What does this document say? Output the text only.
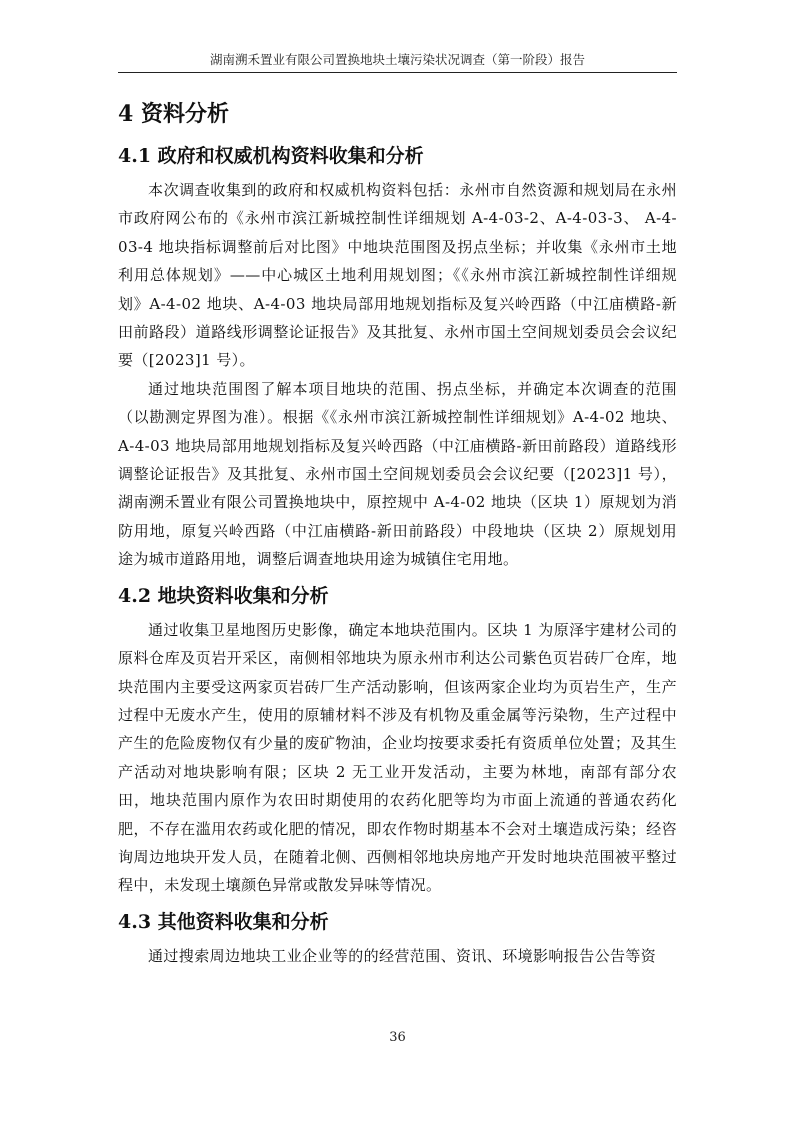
湖南溯禾置业有限公司置换地块土壤污染状况调查（第一阶段）报告
4 资料分析
4.1 政府和权威机构资料收集和分析

本次调查收集到的政府和权威机构资料包括：永州市自然资源和规划局在永州市政府网公布的《永州市滨江新城控制性详细规划 A-4-03-2、A-4-03-3、 A-4-03-4 地块指标调整前后对比图》中地块范围图及拐点坐标；并收集《永州市土地利用总体规划》——中心城区土地利用规划图；《《永州市滨江新城控制性详细规划》A-4-02 地块、A-4-03 地块局部用地规划指标及复兴岭西路（中江庙横路-新田前路段）道路线形调整论证报告》及其批复、永州市国土空间规划委员会会议纪要（[2023]1 号）。

通过地块范围图了解本项目地块的范围、拐点坐标，并确定本次调查的范围（以勘测定界图为准）。根据《《永州市滨江新城控制性详细规划》A-4-02 地块、A-4-03 地块局部用地规划指标及复兴岭西路（中江庙横路-新田前路段）道路线形调整论证报告》及其批复、永州市国土空间规划委员会会议纪要（[2023]1 号），湖南溯禾置业有限公司置换地块中，原控规中 A-4-02 地块（区块 1）原规划为消防用地，原复兴岭西路（中江庙横路-新田前路段）中段地块（区块 2）原规划用途为城市道路用地，调整后调查地块用途为城镇住宅用地。

4.2 地块资料收集和分析

通过收集卫星地图历史影像，确定本地块范围内。区块 1 为原泽宇建材公司的原料仓库及页岩开采区，南侧相邻地块为原永州市利达公司紫色页岩砖厂仓库，地块范围内主要受这两家页岩砖厂生产活动影响，但该两家企业均为页岩生产，生产过程中无废水产生，使用的原辅材料不涉及有机物及重金属等污染物，生产过程中产生的危险废物仅有少量的废矿物油，企业均按要求委托有资质单位处置；及其生产活动对地块影响有限；区块 2 无工业开发活动，主要为林地，南部有部分农田，地块范围内原作为农田时期使用的农药化肥等均为市面上流通的普通农药化肥，不存在滥用农药或化肥的情况，即农作物时期基本不会对土壤造成污染；经咨询周边地块开发人员，在随着北侧、西侧相邻地块房地产开发时地块范围被平整过程中，未发现土壤颜色异常或散发异味等情况。

4.3 其他资料收集和分析

通过搜索周边地块工业企业等的的经营范围、资讯、环境影响报告公告等资

36
